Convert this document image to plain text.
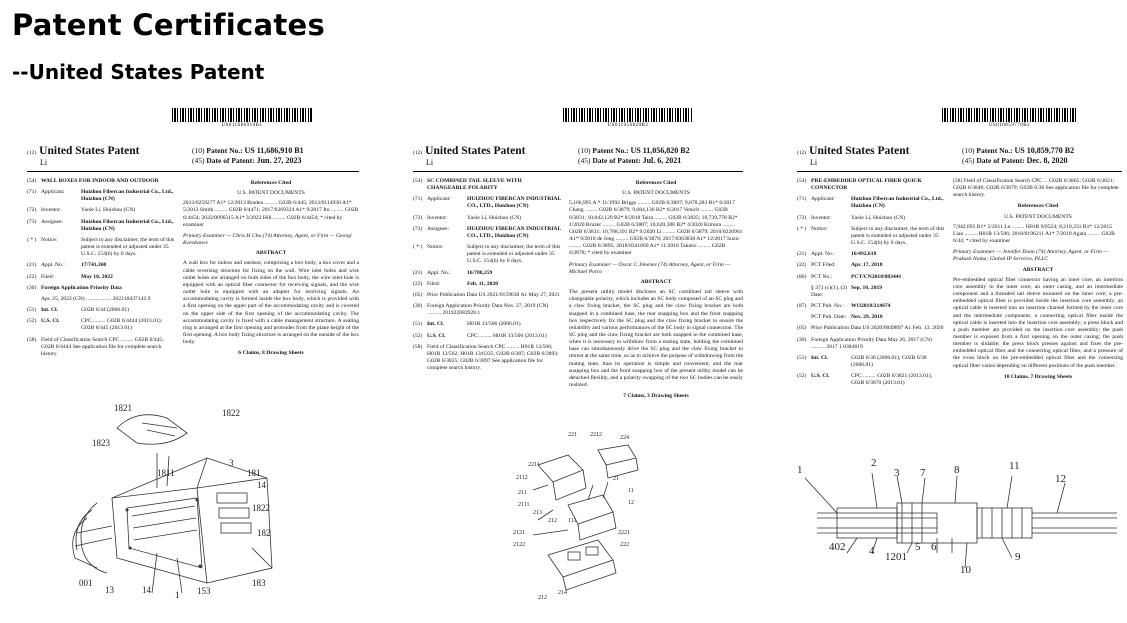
Patent Certificates
--United States Patent
US011686910B1
(12) United States Patent
Li
(10) Patent No.: US 11,686,910 B1
(45) Date of Patent: Jun. 27, 2023
(54) WALL BOXES FOR INDOOR AND OUTDOOR
(71) Applicant:	Huizhou Fibercan Industrial Co., Ltd., Huizhou (CN)
(72) Inventor:	Yaole Li, Huizhou (CN)
(73) Assignee:	Huizhou Fibercan Industrial Co., Ltd., Huizhou (CN)
( * ) Notice:	Subject to any disclaimer, the term of this patent is extended or adjusted under 35 U.S.C. 154(b) by 0 days.
(21) Appl. No.:	17/741,360
(22) Filed:	May 10, 2022
(30) Foreign Application Priority Data
Apr. 25, 2022 (CN) .................. 202210437142.9
(51) Int. Cl.	G02B 6/44 (2006.01)
(52) U.S. Cl.	CPC ......... G02B 6/4444 (2013.01); G02B 6/445 (2013.01)
(58) Field of Classification Search CPC ......... G02B 6/445; G02B 6/4444 See application file for complete search history.
References Cited
U.S. PATENT DOCUMENTS
2013/0259277 A1* 12/2013 Bradea ......... G02B 6/445; 2013/0114930 A1* 5/2013 Smith ......... G02B 6/4471; 2017/0269324 A1* 9/2017 Ito ......... G02B 6/4454; 2022/0096315 A1* 3/2022 Hill ......... G02B 6/4454; * cited by examiner
Primary Examiner — Chris H Chu (74) Attorney, Agent, or Firm — Georgi Korobanov
ABSTRACT
A wall box for indoor and outdoor, comprising a box body, a box cover and a cable reversing structure for fixing on the wall. Wire inlet holes and wire outlet holes are arranged on both sides of the box body, the wire inlet hole is equipped with an optical fiber connector for receiving signals, and the wire outlet hole is equipped with an adapter for receiving signals. An accommodating cavity is formed inside the box body, which is provided with a first opening on the upper part of the accommodating cavity and is covered on the upper side of the first opening of the accommodating cavity. The accommodating cavity is fixed with a cable management structure. A sealing ring is arranged at the first opening and protrudes from the plane height of the first opening. A box body fixing structure is arranged on the outside of the box body.
6 Claims, 8 Drawing Sheets
1821	1822
1823
1811
3
181
14
1822
182
001
13	14	1 153
183
US011056820B2
(12) United States Patent
Li
(10) Patent No.: US 11,056,820 B2
(45) Date of Patent: Jul. 6, 2021
(54) SC COMBINED TAIL SLEEVE WITH CHANGEABLE POLARITY
(71) Applicant:	HUIZHOU FIBERCAN INDUSTRIAL CO., LTD., Huizhou (CN)
(72) Inventor:	Yaole Li, Huizhou (CN)
(73) Assignee:	HUIZHOU FIBERCAN INDUSTRIAL CO., LTD., Huizhou (CN)
( * ) Notice:	Subject to any disclaimer, the term of this patent is extended or adjusted under 35 U.S.C. 154(b) by 0 days.
(21) Appl. No.:	16/788,259
(22) Filed:	Feb. 11, 2020
(65) Prior Publication Data US 2021/0159630 A1 May 27, 2021
(30) Foreign Application Priority Data Nov. 27, 2019 (CN) .......... 201922083928.1
(51) Int. Cl.	H01R 13/506 (2006.01)
(52) U.S. Cl.	CPC ......... H01R 13/506 (2013.01)
(58) Field of Classification Search CPC ......... H01R 13/506; H01R 13/562; H01R 13/6335; G02B 6/387; G02B 6/3893; G02B 6/3825; G02B 6/3897 See application file for complete search history.
References Cited
U.S. PATENT DOCUMENTS
5,166,995 A * 11/1992 Briggs ......... G02B 6/3807; 9,678,283 B1* 6/2017 Chang ......... G02B 6/3879; 9,684,136 B2* 6/2017 Venich ......... G02B 6/3831; 10,042,129 B2* 8/2018 Taira ......... G02B 6/3825; 10,739,778 B2* 1/2020 Bruzer ......... G02B 6/3887; 10,620,388 B2* 4/2020 Kimura ......... G02B 6/3831; 10,788,391 B2* 9/2020 Li ......... G02B 6/3879; 2010/0220961 A1* 9/2010 de Jong ......... G02B 6/3879; 2017/0363838 A1* 12/2017 Suzic ......... G02B 6/3895; 2018/0341069 A1* 11/2018 Takano ......... G02B 6/3878; * cited by examiner
Primary Examiner — Oscar C Jimenez (74) Attorney, Agent, or Firm — Michael Porco
ABSTRACT
The present utility model discloses an SC combined tail sleeve with changeable polarity, which includes an SC body composed of an SC plug and a claw fixing bracket, the SC plug and the claw fixing bracket are both snapped in a combined base, the rear snapping box and the front snapping box respectively fix the SC plug and the claw fixing bracket to ensure the reliability and various performances of the SC body in signal connection. The SC plug and the claw fixing bracket are both snapped in the combined base, when it is necessary to withdraw from a mating state, holding the combined base can simultaneously drive the SC plug and the claw fixing bracket to retreat at the same time, so as to achieve the purpose of withdrawing from the mating state, thus its operation is simple and convenient, and the rear snapping box and the front snapping box of the present utility model can be detached flexibly, and a polarity swapping of the two SC bodies can be easily realized.
7 Claims, 3 Drawing Sheets
221 2212	224
2211
2112
211
2111
213
212
2121
2122
111
2221
222
11
12
21
214
212
US010859770B2
(12) United States Patent
Li
(10) Patent No.: US 10,859,770 B2
(45) Date of Patent: Dec. 8, 2020
(54) PRE-EMBEDDED OPTICAL FIBER QUICK CONNECTOR
(71) Applicant:	Huizhou Fibercan Industrial Co., Ltd., Huizhou (CN)
(72) Inventor:	Yaole Li, Huizhou (CN)
( * ) Notice:	Subject to any disclaimer, the term of this patent is extended or adjusted under 35 U.S.C. 154(b) by 0 days.
(21) Appl. No.:	16/492,618
(22) PCT Filed:	Apr. 17, 2018
(86) PCT No.:	PCT/CN2018/083441
§ 371 (c)(1), (2) Date:
Sep. 10, 2019
(87) PCT Pub. No.:	WO2018/214674
PCT Pub. Date: Nov. 29, 2018
(65) Prior Publication Data US 2020/0049897 A1 Feb. 13, 2020
(30) Foreign Application Priority Data May 26, 2017 (CN) .......... 2017 1 0384819
(51) Int. Cl.	G02B 6/36 (2006.01); G02B 6/38 (2006.01)
(52) U.S. Cl.	CPC ......... G02B 6/3821 (2013.01); G02B 6/3870 (2013.01)
(58) Field of Classification Search CPC ... G02B 6/3865; G02B 6/3821; G02B 6/3846; G02B 6/3879; G02B 6/36 See application file for complete search history.
References Cited
U.S. PATENT DOCUMENTS
7,942,695 B1* 5/2011 Lu ......... H01R 9/0524; 8,219,331 B1* 12/2015 Liao ......... H01R 13/506; 2018/0196211 A1* 7/2018 Agata ......... G02B 6/44; * cited by examiner
Primary Examiner — Jennifer Doan (74) Attorney, Agent, or Firm — Prakash Nama; Global IP Services, PLLC
ABSTRACT
Pre-embedded optical fiber connector having an inner core, an insertion core assembly in the inner core, an outer casing, and an intermediate component and a threaded tail sleeve mounted on the inner core; a pre-embedded optical fiber is provided inside the insertion core assembly; an optical cable is inserted into an insertion channel formed by the inner core and the intermediate component; a connecting optical fiber inside the optical cable is inserted into the insertion core assembly; a press block and a push member are provided on the insertion core assembly; the push member is exposed from a first opening on the outer casing; the push member is slidable; the press block presses against and fixes the pre-embedded optical fiber and the connecting optical fiber, and a pressure of the cross block on the pre-embedded optical fiber and the connecting optical fiber varies depending on different positions of the push member.
10 Claims, 7 Drawing Sheets
1
2
3 7	8	11
12
402 4 1201
5 6
9
10
